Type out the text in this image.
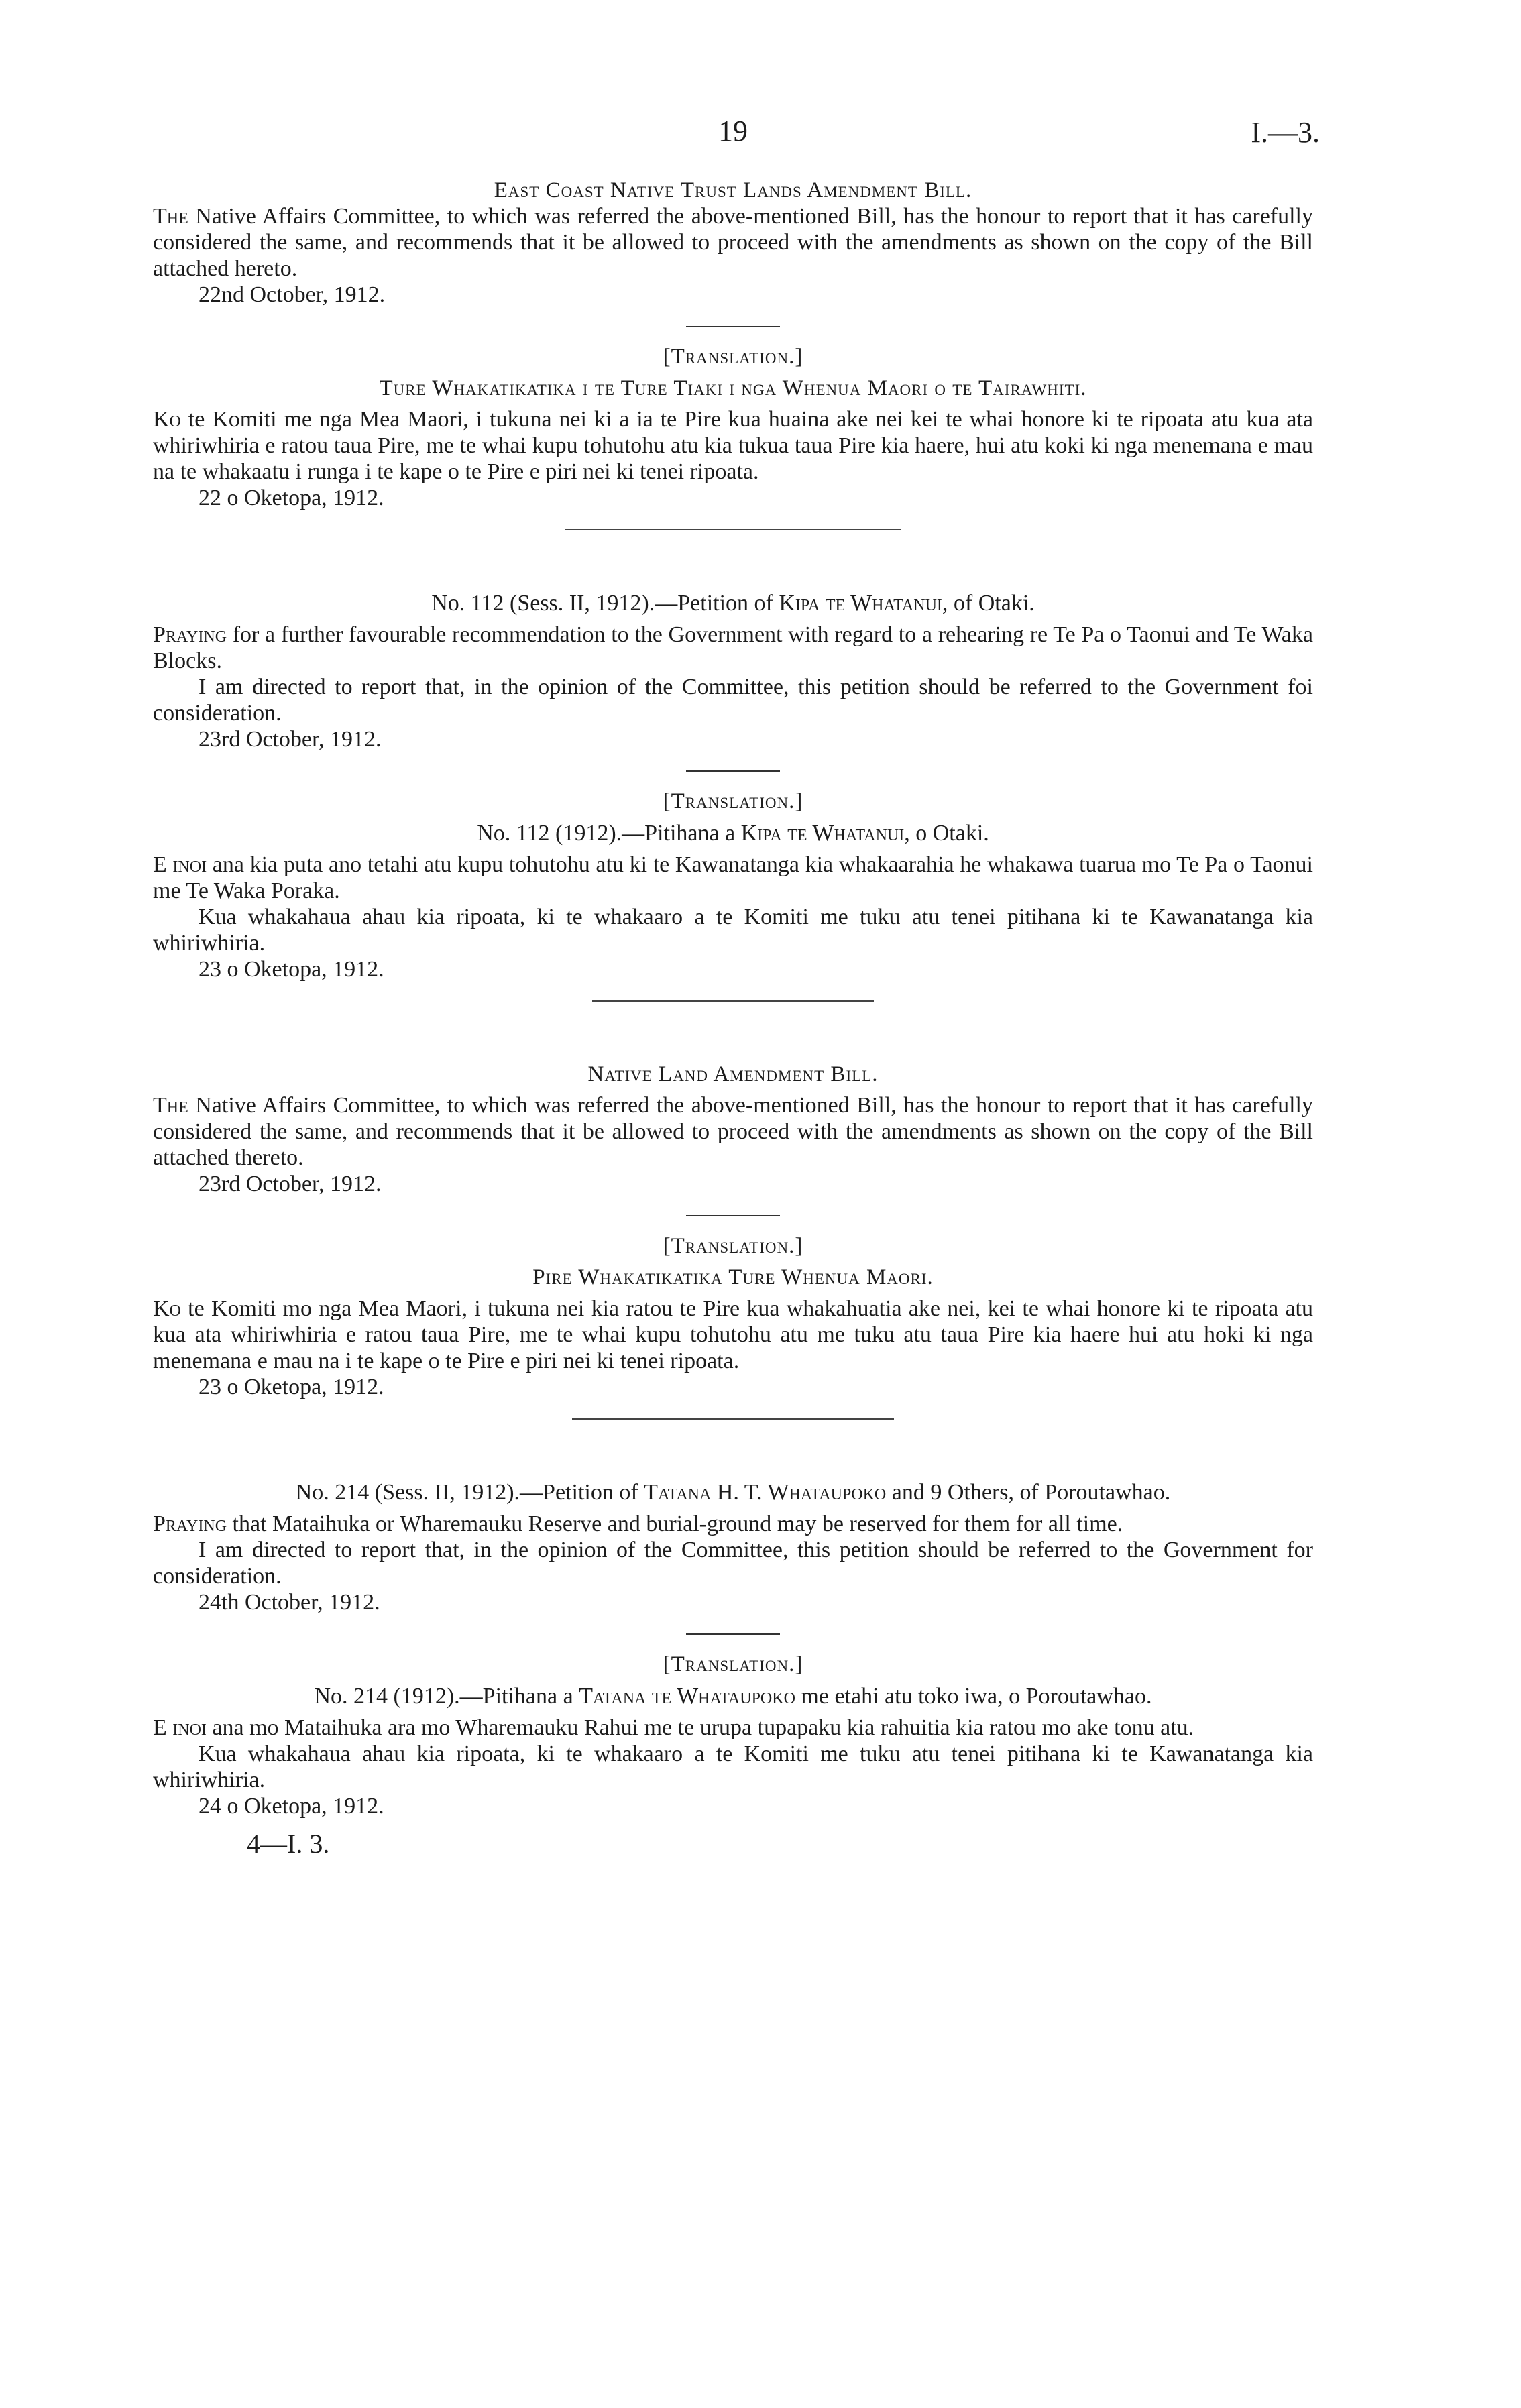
19	I.—3.

East Coast Native Trust Lands Amendment Bill.

The Native Affairs Committee, to which was referred the above-mentioned Bill, has the honour to report that it has carefully considered the same, and recommends that it be allowed to proceed with the amendments as shown on the copy of the Bill attached hereto.

22nd October, 1912.

[Translation.]

Ture Whakatikatika i te Ture Tiaki i nga Whenua Maori o te Tairawhiti.

Ko te Komiti me nga Mea Maori, i tukuna nei ki a ia te Pire kua huaina ake nei kei te whai honore ki te ripoata atu kua ata whiriwhiria e ratou taua Pire, me te whai kupu tohutohu atu kia tukua taua Pire kia haere, hui atu koki ki nga menemana e mau na te whakaatu i runga i te kape o te Pire e piri nei ki tenei ripoata.

22 o Oketopa, 1912.

No. 112 (Sess. II, 1912).—Petition of Kipa te Whatanui, of Otaki.

Praying for a further favourable recommendation to the Government with regard to a rehearing re Te Pa o Taonui and Te Waka Blocks.

I am directed to report that, in the opinion of the Committee, this petition should be referred to the Government foi consideration.

23rd October, 1912.

[Translation.]

No. 112 (1912).—Pitihana a Kipa te Whatanui, o Otaki.

E inoi ana kia puta ano tetahi atu kupu tohutohu atu ki te Kawanatanga kia whakaarahia he whakawa tuarua mo Te Pa o Taonui me Te Waka Poraka.

Kua whakahaua ahau kia ripoata, ki te whakaaro a te Komiti me tuku atu tenei pitihana ki te Kawanatanga kia whiriwhiria.

23 o Oketopa, 1912.

Native Land Amendment Bill.

The Native Affairs Committee, to which was referred the above-mentioned Bill, has the honour to report that it has carefully considered the same, and recommends that it be allowed to proceed with the amendments as shown on the copy of the Bill attached thereto.

23rd October, 1912.

[Translation.]

Pire Whakatikatika Ture Whenua Maori.

Ko te Komiti mo nga Mea Maori, i tukuna nei kia ratou te Pire kua whakahuatia ake nei, kei te whai honore ki te ripoata atu kua ata whiriwhiria e ratou taua Pire, me te whai kupu tohutohu atu me tuku atu taua Pire kia haere hui atu hoki ki nga menemana e mau na i te kape o te Pire e piri nei ki tenei ripoata.

23 o Oketopa, 1912.

No. 214 (Sess. II, 1912).—Petition of Tatana H. T. Whataupoko and 9 Others, of Poroutawhao.

Praying that Mataihuka or Wharemauku Reserve and burial-ground may be reserved for them for all time.

I am directed to report that, in the opinion of the Committee, this petition should be referred to the Government for consideration.

24th October, 1912.

[Translation.]

No. 214 (1912).—Pitihana a Tatana te Whataupoko me etahi atu toko iwa, o Poroutawhao.

E inoi ana mo Mataihuka ara mo Wharemauku Rahui me te urupa tupapaku kia rahuitia kia ratou mo ake tonu atu.

Kua whakahaua ahau kia ripoata, ki te whakaaro a te Komiti me tuku atu tenei pitihana ki te Kawanatanga kia whiriwhiria.

24 o Oketopa, 1912.

4—I. 3.
